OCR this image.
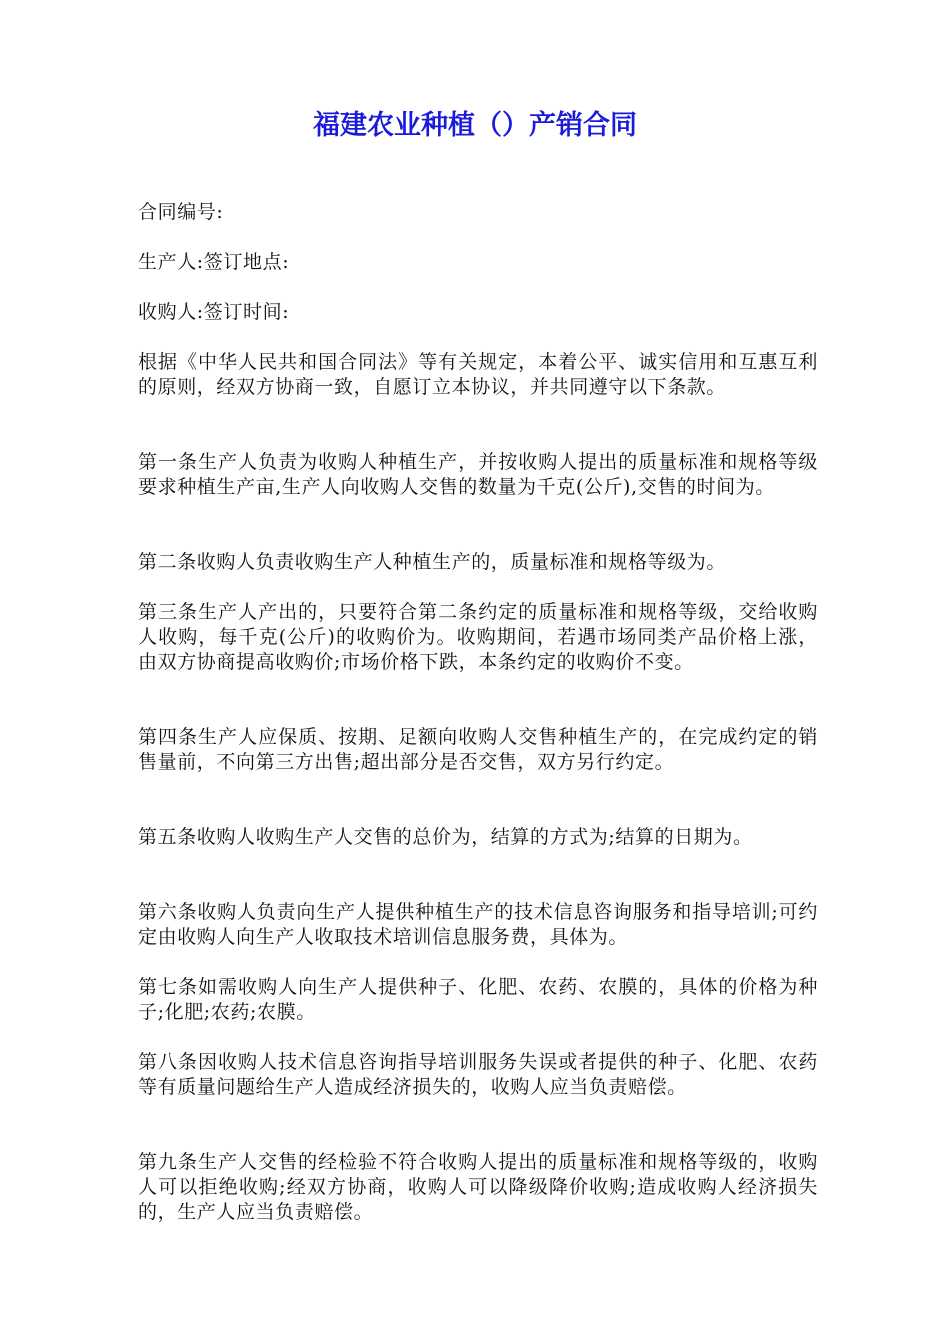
福建农业种植（）产销合同
合同编号:
生产人:签订地点:
收购人:签订时间:
根据《中华人民共和国合同法》等有关规定，本着公平、诚实信用和互惠互利的原则，经双方协商一致，自愿订立本协议，并共同遵守以下条款。
第一条生产人负责为收购人种植生产，并按收购人提出的质量标准和规格等级要求种植生产亩,生产人向收购人交售的数量为千克(公斤),交售的时间为。
第二条收购人负责收购生产人种植生产的，质量标准和规格等级为。
第三条生产人产出的，只要符合第二条约定的质量标准和规格等级，交给收购人收购，每千克(公斤)的收购价为。收购期间，若遇市场同类产品价格上涨，由双方协商提高收购价;市场价格下跌，本条约定的收购价不变。
第四条生产人应保质、按期、足额向收购人交售种植生产的，在完成约定的销售量前，不向第三方出售;超出部分是否交售，双方另行约定。
第五条收购人收购生产人交售的总价为，结算的方式为;结算的日期为。
第六条收购人负责向生产人提供种植生产的技术信息咨询服务和指导培训;可约定由收购人向生产人收取技术培训信息服务费，具体为。
第七条如需收购人向生产人提供种子、化肥、农药、农膜的，具体的价格为种子;化肥;农药;农膜。
第八条因收购人技术信息咨询指导培训服务失误或者提供的种子、化肥、农药等有质量问题给生产人造成经济损失的，收购人应当负责赔偿。
第九条生产人交售的经检验不符合收购人提出的质量标准和规格等级的，收购人可以拒绝收购;经双方协商，收购人可以降级降价收购;造成收购人经济损失的，生产人应当负责赔偿。
